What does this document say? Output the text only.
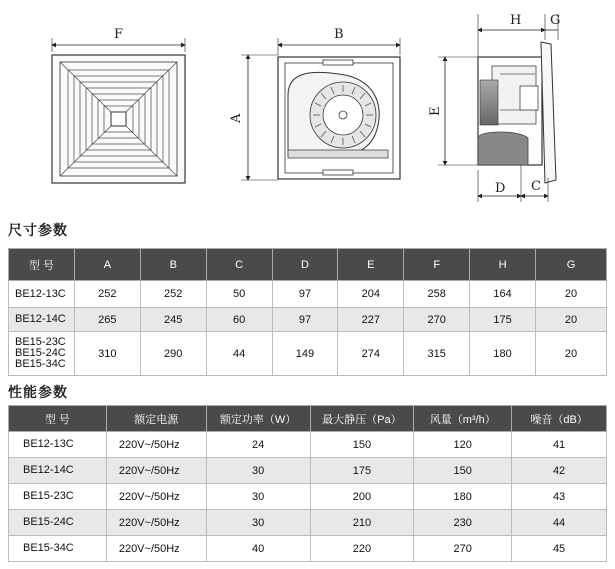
F	B
A
H G
E
D C
尺寸参数
型 号	A	B	C	D	E	F	H	G
BE12-13C	252	252	50	97	204	258	164	20
BE12-14C	265	245	60	97	227	270	175	20

BE15-23C
BE15-24C
BE15-34C	310	290	44	149	274	315	180	20
性能参数
型 号	额定电源	额定功率（W）	最大静压（Pa）	风量（m³/h）	噪音（dB）
BE12-13C	220V~/50Hz	24	150	120	41
BE12-14C	220V~/50Hz	30	175	150	42
BE15-23C	220V~/50Hz	30	200	180	43
BE15-24C	220V~/50Hz	30	210	230	44
BE15-34C	220V~/50Hz	40	220	270	45
